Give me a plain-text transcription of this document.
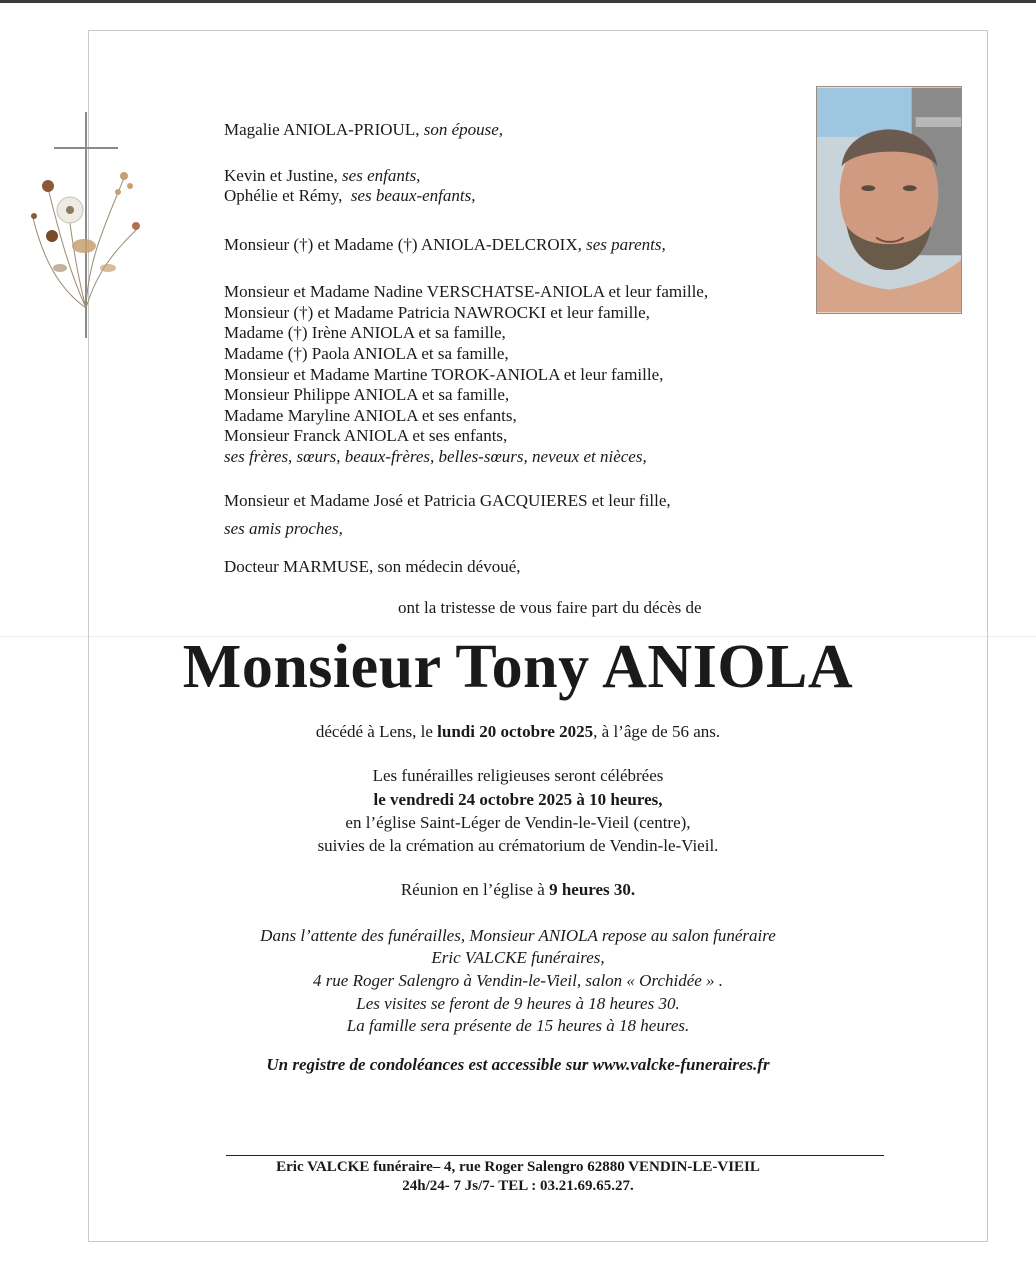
Magalie ANIOLA-PRIOUL, son épouse,

Kevin et Justine, ses enfants,

Ophélie et Rémy, ses beaux-enfants,

Monsieur (†) et Madame (†) ANIOLA-DELCROIX, ses parents,

Monsieur et Madame Nadine VERSCHATSE-ANIOLA et leur famille,

Monsieur (†) et Madame Patricia NAWROCKI et leur famille,

Madame (†) Irène ANIOLA et sa famille,

Madame (†) Paola ANIOLA et sa famille,

Monsieur et Madame Martine TOROK-ANIOLA et leur famille,

Monsieur Philippe ANIOLA et sa famille,

Madame Maryline ANIOLA et ses enfants,

Monsieur Franck ANIOLA et ses enfants,

ses frères, sœurs, beaux-frères, belles-sœurs, neveux et nièces,

Monsieur et Madame José et Patricia GACQUIERES et leur fille,

ses amis proches,

Docteur MARMUSE, son médecin dévoué,

ont la tristesse de vous faire part du décès de

Monsieur Tony ANIOLA

décédé à Lens, le lundi 20 octobre 2025, à l’âge de 56 ans.

Les funérailles religieuses seront célébrées

le vendredi 24 octobre 2025 à 10 heures,

en l’église Saint-Léger de Vendin-le-Vieil (centre),

suivies de la crémation au crématorium de Vendin-le-Vieil.

Réunion en l’église à 9 heures 30.

Dans l’attente des funérailles, Monsieur ANIOLA repose au salon funéraire

Eric VALCKE funéraires,

4 rue Roger Salengro à Vendin-le-Vieil, salon « Orchidée » .

Les visites se feront de 9 heures à 18 heures 30.

La famille sera présente de 15 heures à 18 heures.

Un registre de condoléances est accessible sur www.valcke-funeraires.fr

Eric VALCKE funéraire– 4, rue Roger Salengro 62880 VENDIN-LE-VIEIL
24h/24- 7 Js/7- TEL : 03.21.69.65.27.
